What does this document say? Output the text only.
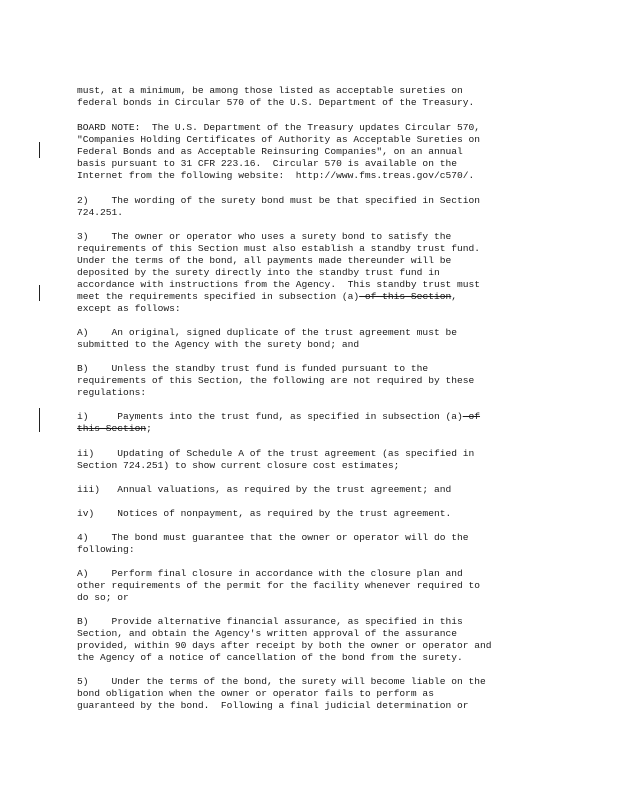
must, at a minimum, be among those listed as acceptable sureties on
federal bonds in Circular 570 of the U.S. Department of the Treasury.

BOARD NOTE:  The U.S. Department of the Treasury updates Circular 570,
"Companies Holding Certificates of Authority as Acceptable Sureties on
Federal Bonds and as Acceptable Reinsuring Companies", on an annual
basis pursuant to 31 CFR 223.16.  Circular 570 is available on the
Internet from the following website:  http://www.fms.treas.gov/c570/.

2)    The wording of the surety bond must be that specified in Section
724.251.

3)    The owner or operator who uses a surety bond to satisfy the
requirements of this Section must also establish a standby trust fund.
Under the terms of the bond, all payments made thereunder will be
deposited by the surety directly into the standby trust fund in
accordance with instructions from the Agency.  This standby trust must
meet the requirements specified in subsection (a) of this Section,
except as follows:

A)    An original, signed duplicate of the trust agreement must be
submitted to the Agency with the surety bond; and

B)    Unless the standby trust fund is funded pursuant to the
requirements of this Section, the following are not required by these
regulations:

i)     Payments into the trust fund, as specified in subsection (a) of
this Section;

ii)    Updating of Schedule A of the trust agreement (as specified in
Section 724.251) to show current closure cost estimates;

iii)   Annual valuations, as required by the trust agreement; and

iv)    Notices of nonpayment, as required by the trust agreement.

4)    The bond must guarantee that the owner or operator will do the
following:

A)    Perform final closure in accordance with the closure plan and
other requirements of the permit for the facility whenever required to
do so; or

B)    Provide alternative financial assurance, as specified in this
Section, and obtain the Agency's written approval of the assurance
provided, within 90 days after receipt by both the owner or operator and
the Agency of a notice of cancellation of the bond from the surety.

5)    Under the terms of the bond, the surety will become liable on the
bond obligation when the owner or operator fails to perform as
guaranteed by the bond.  Following a final judicial determination or
